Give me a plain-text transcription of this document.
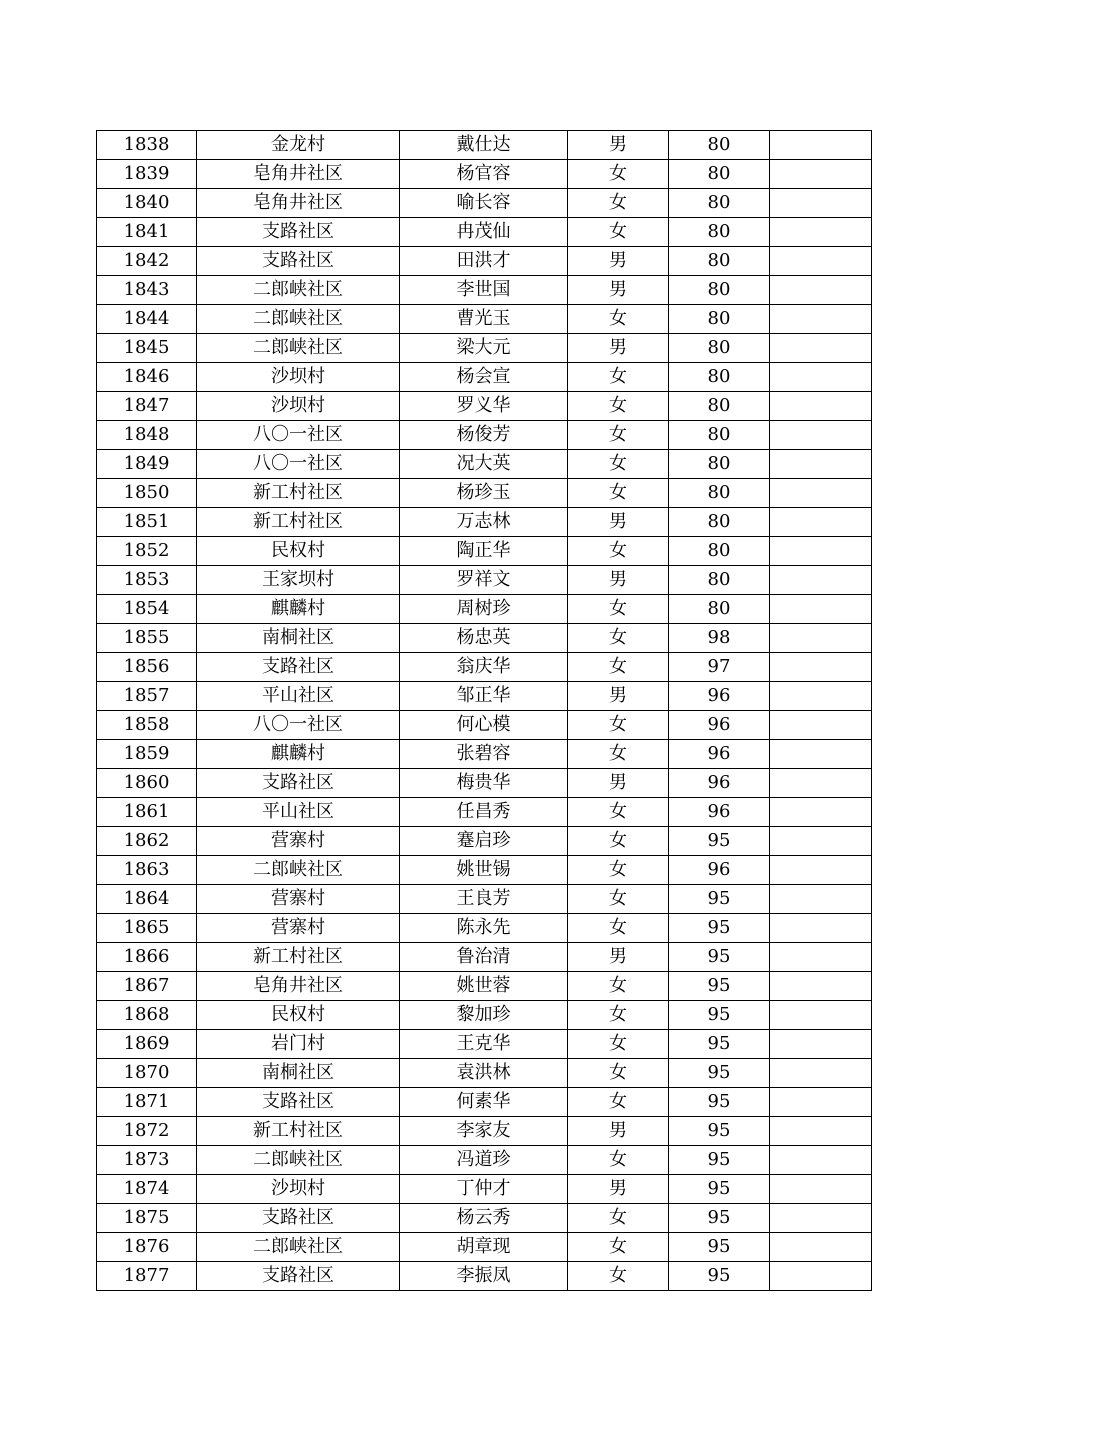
1838	金龙村	戴仕达	男	80	
1839	皂角井社区	杨官容	女	80	
1840	皂角井社区	喻长容	女	80	
1841	支路社区	冉茂仙	女	80	
1842	支路社区	田洪才	男	80	
1843	二郎峡社区	李世国	男	80	
1844	二郎峡社区	曹光玉	女	80	
1845	二郎峡社区	梁大元	男	80	
1846	沙坝村	杨会宣	女	80	
1847	沙坝村	罗义华	女	80	
1848	八〇一社区	杨俊芳	女	80	
1849	八〇一社区	况大英	女	80	
1850	新工村社区	杨珍玉	女	80	
1851	新工村社区	万志林	男	80	
1852	民权村	陶正华	女	80	
1853	王家坝村	罗祥文	男	80	
1854	麒麟村	周树珍	女	80	
1855	南桐社区	杨忠英	女	98	
1856	支路社区	翁庆华	女	97	
1857	平山社区	邹正华	男	96	
1858	八〇一社区	何心模	女	96	
1859	麒麟村	张碧容	女	96	
1860	支路社区	梅贵华	男	96	
1861	平山社区	任昌秀	女	96	
1862	营寨村	蹇启珍	女	95	
1863	二郎峡社区	姚世锡	女	96	
1864	营寨村	王良芳	女	95	
1865	营寨村	陈永先	女	95	
1866	新工村社区	鲁治清	男	95	
1867	皂角井社区	姚世蓉	女	95	
1868	民权村	黎加珍	女	95	
1869	岩门村	王克华	女	95	
1870	南桐社区	袁洪林	女	95	
1871	支路社区	何素华	女	95	
1872	新工村社区	李家友	男	95	
1873	二郎峡社区	冯道珍	女	95	
1874	沙坝村	丁仲才	男	95	
1875	支路社区	杨云秀	女	95	
1876	二郎峡社区	胡章现	女	95	
1877	支路社区	李振凤	女	95	
